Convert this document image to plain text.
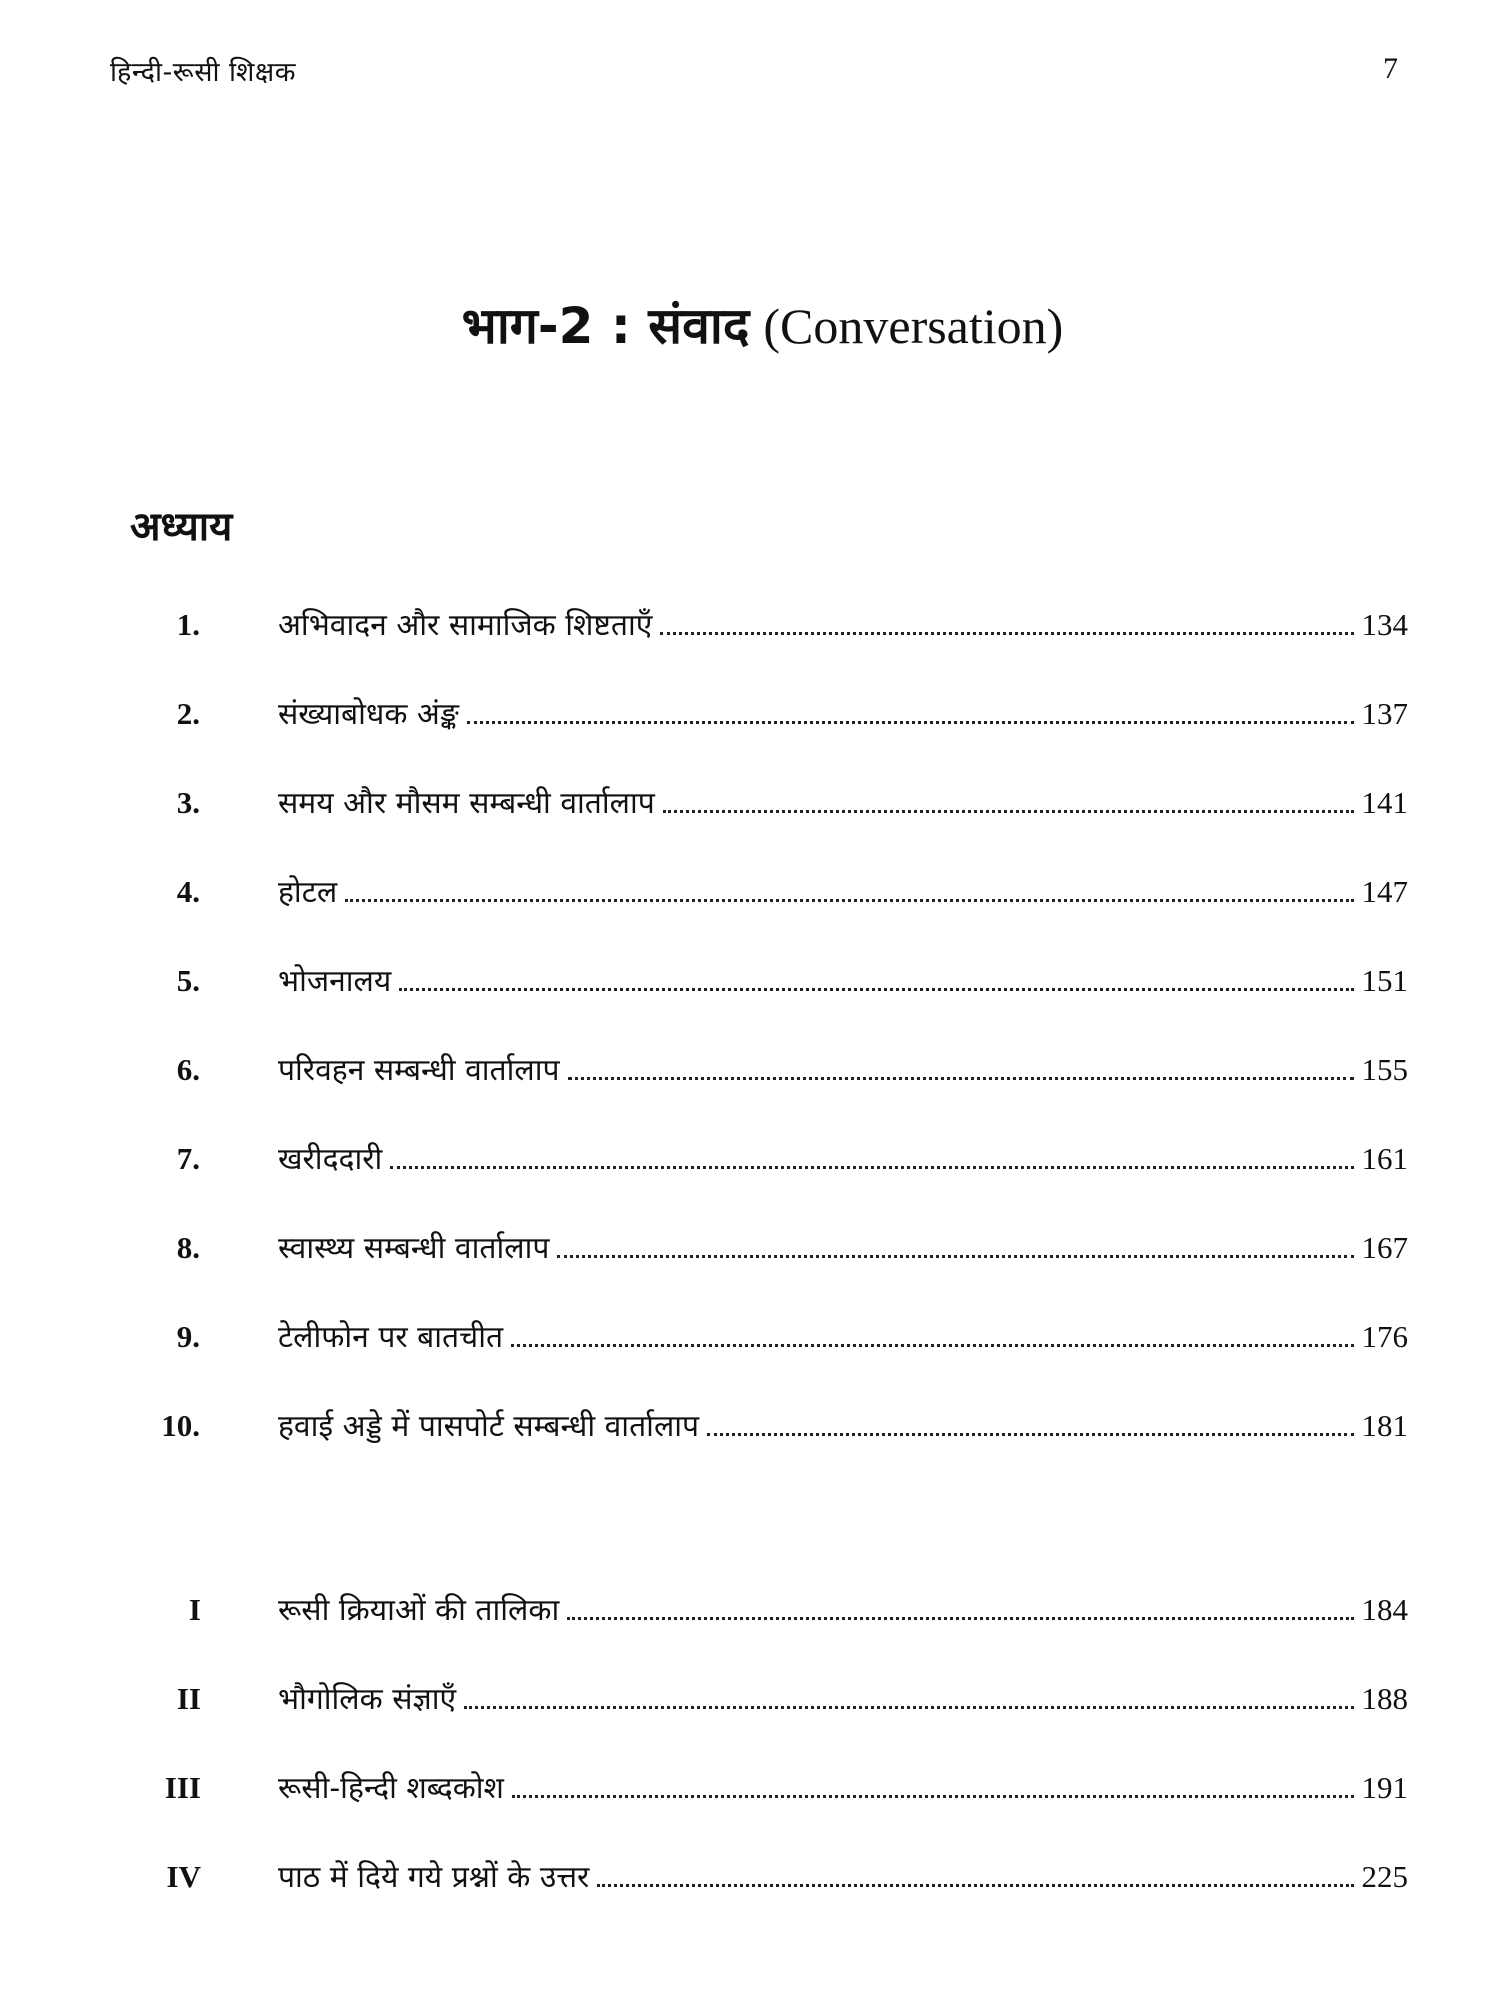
हिन्दी-रूसी शिक्षक	7
भाग-2 : संवाद (Conversation)
अध्याय
1.	अभिवादन और सामाजिक शिष्टताएँ	134
2.	संख्याबोधक अंङ्क	137
3.	समय और मौसम सम्बन्धी वार्तालाप	141
4.	होटल	147
5.	भोजनालय	151
6.	परिवहन सम्बन्धी वार्तालाप	155
7.	खरीददारी	161
8.	स्वास्थ्य सम्बन्धी वार्तालाप	167
9.	टेलीफोन पर बातचीत	176
10.	हवाई अड्डे में पासपोर्ट सम्बन्धी वार्तालाप	181
I	रूसी क्रियाओं की तालिका	184
II	भौगोलिक संज्ञाएँ	188
III	रूसी-हिन्दी शब्दकोश	191
IV	पाठ में दिये गये प्रश्नों के उत्तर	225
